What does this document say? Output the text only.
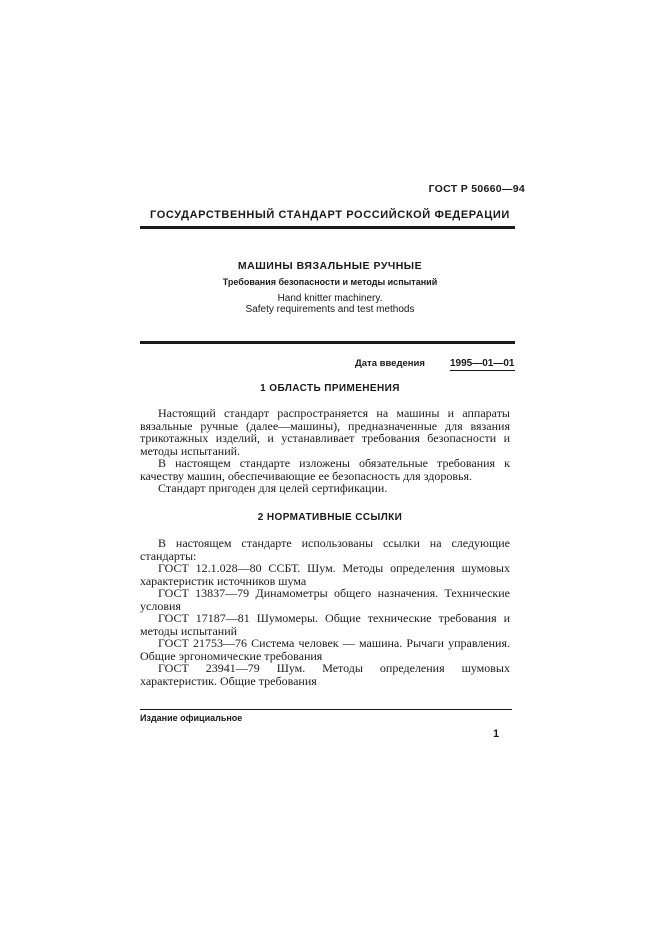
ГОСТ Р 50660—94
ГОСУДАРСТВЕННЫЙ СТАНДАРТ РОССИЙСКОЙ ФЕДЕРАЦИИ
МАШИНЫ ВЯЗАЛЬНЫЕ РУЧНЫЕ
Требования безопасности и методы испытаний
Hand knitter machinery.
Safety requirements and test methods
Дата введения	1995—01—01
1 ОБЛАСТЬ ПРИМЕНЕНИЯ

Настоящий стандарт распространяется на машины и аппараты вязальные ручные (далее—машины), предназначенные для вязания трикотажных изделий, и устанавливает требования безопасности и методы испытаний.

В настоящем стандарте изложены обязательные требования к качеству машин, обеспечивающие ее безопасность для здоровья.

Стандарт пригоден для целей сертификации.

2 НОРМАТИВНЫЕ ССЫЛКИ

В настоящем стандарте использованы ссылки на следующие стандарты:

ГОСТ 12.1.028—80 ССБТ. Шум. Методы определения шумовых характеристик источников шума

ГОСТ 13837—79 Динамометры общего назначения. Технические условия

ГОСТ 17187—81 Шумомеры. Общие технические требования и методы испытаний

ГОСТ 21753—76 Система человек — машина. Рычаги управления. Общие эргономические требования

ГОСТ 23941—79 Шум. Методы определения шумовых характеристик. Общие требования

Издание официальное
1
